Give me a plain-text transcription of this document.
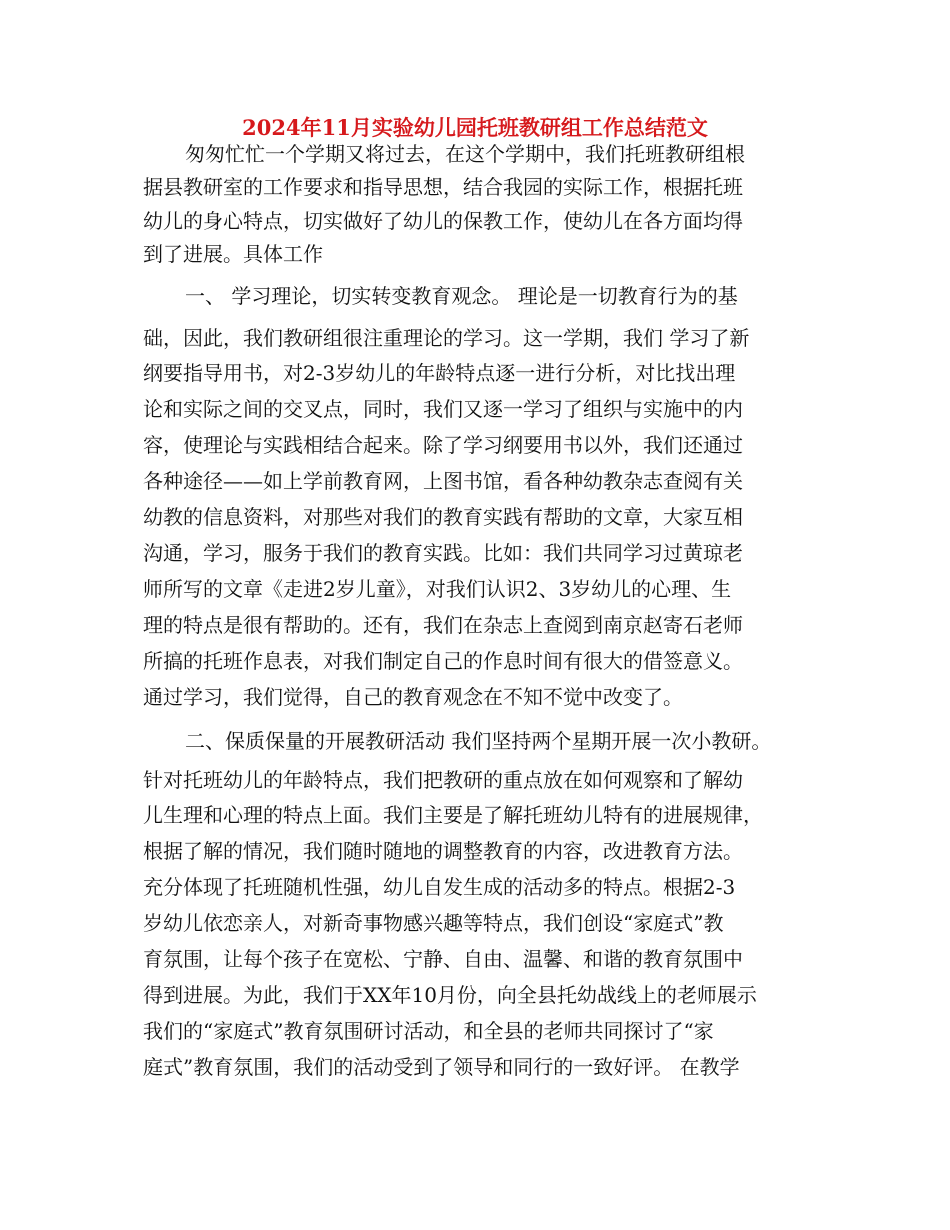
2024年11月实验幼儿园托班教研组工作总结范文
匆匆忙忙一个学期又将过去，在这个学期中，我们托班教研组根
据县教研室的工作要求和指导思想，结合我园的实际工作，根据托班
幼儿的身心特点，切实做好了幼儿的保教工作，使幼儿在各方面均得
到了进展。具体工作
一、 学习理论，切实转变教育观念。 理论是一切教育行为的基
础，因此，我们教研组很注重理论的学习。这一学期，我们 学习了新
纲要指导用书，对2-3岁幼儿的年龄特点逐一进行分析，对比找出理
论和实际之间的交叉点，同时，我们又逐一学习了组织与实施中的内
容，使理论与实践相结合起来。除了学习纲要用书以外，我们还通过
各种途径——如上学前教育网，上图书馆，看各种幼教杂志查阅有关
幼教的信息资料，对那些对我们的教育实践有帮助的文章，大家互相
沟通，学习，服务于我们的教育实践。比如：我们共同学习过黄琼老
师所写的文章《走进2岁儿童》，对我们认识2、3岁幼儿的心理、生
理的特点是很有帮助的。还有，我们在杂志上查阅到南京赵寄石老师
所搞的托班作息表，对我们制定自己的作息时间有很大的借签意义。
通过学习，我们觉得，自己的教育观念在不知不觉中改变了。
二、保质保量的开展教研活动 我们坚持两个星期开展一次小教研。
针对托班幼儿的年龄特点，我们把教研的重点放在如何观察和了解幼
儿生理和心理的特点上面。我们主要是了解托班幼儿特有的进展规律，
根据了解的情况，我们随时随地的调整教育的内容，改进教育方法。
充分体现了托班随机性强，幼儿自发生成的活动多的特点。根据2-3
岁幼儿依恋亲人，对新奇事物感兴趣等特点，我们创设“家庭式”教
育氛围，让每个孩子在宽松、宁静、自由、温馨、和谐的教育氛围中
得到进展。为此，我们于XX年10月份，向全县托幼战线上的老师展示
我们的“家庭式”教育氛围研讨活动，和全县的老师共同探讨了“家
庭式”教育氛围，我们的活动受到了领导和同行的一致好评。 在教学
